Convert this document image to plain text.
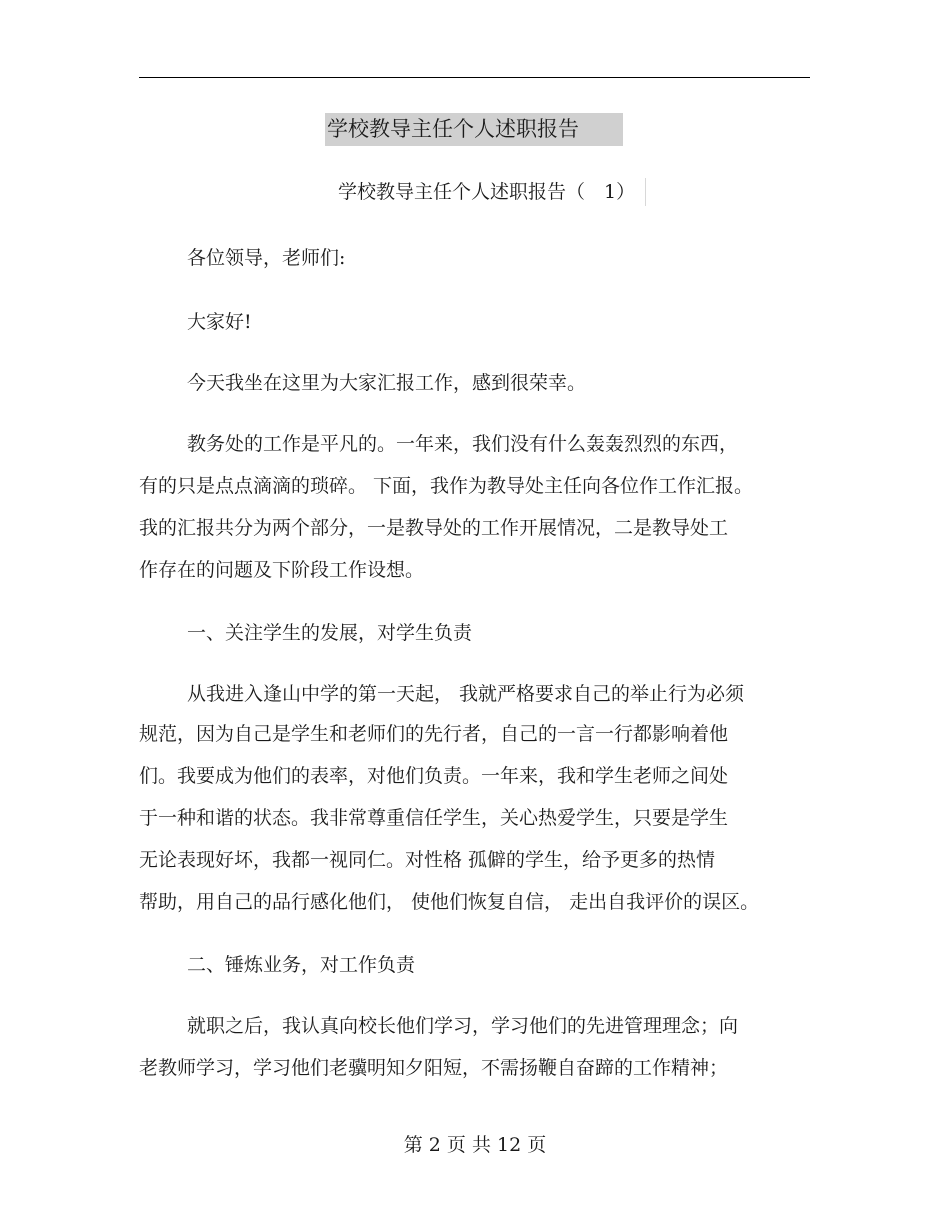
学校教导主任个人述职报告
学校教导主任个人述职报告（　1）
各位领导，老师们:
大家好!
今天我坐在这里为大家汇报工作，感到很荣幸。
教务处的工作是平凡的。一年来，我们没有什么轰轰烈烈的东西，
有的只是点点滴滴的琐碎。 下面，我作为教导处主任向各位作工作汇报。
我的汇报共分为两个部分，一是教导处的工作开展情况，二是教导处工
作存在的问题及下阶段工作设想。
一、关注学生的发展，对学生负责
从我进入逢山中学的第一天起， 我就严格要求自己的举止行为必须
规范，因为自己是学生和老师们的先行者，自己的一言一行都影响着他
们。我要成为他们的表率，对他们负责。一年来，我和学生老师之间处
于一种和谐的状态。我非常尊重信任学生，关心热爱学生，只要是学生
无论表现好坏，我都一视同仁。对性格 孤僻的学生，给予更多的热情
帮助，用自己的品行感化他们， 使他们恢复自信， 走出自我评价的误区。
二、锤炼业务，对工作负责
就职之后，我认真向校长他们学习，学习他们的先进管理理念；向
老教师学习，学习他们老骥明知夕阳短，不需扬鞭自奋蹄的工作精神；
第 2 页 共 12 页
